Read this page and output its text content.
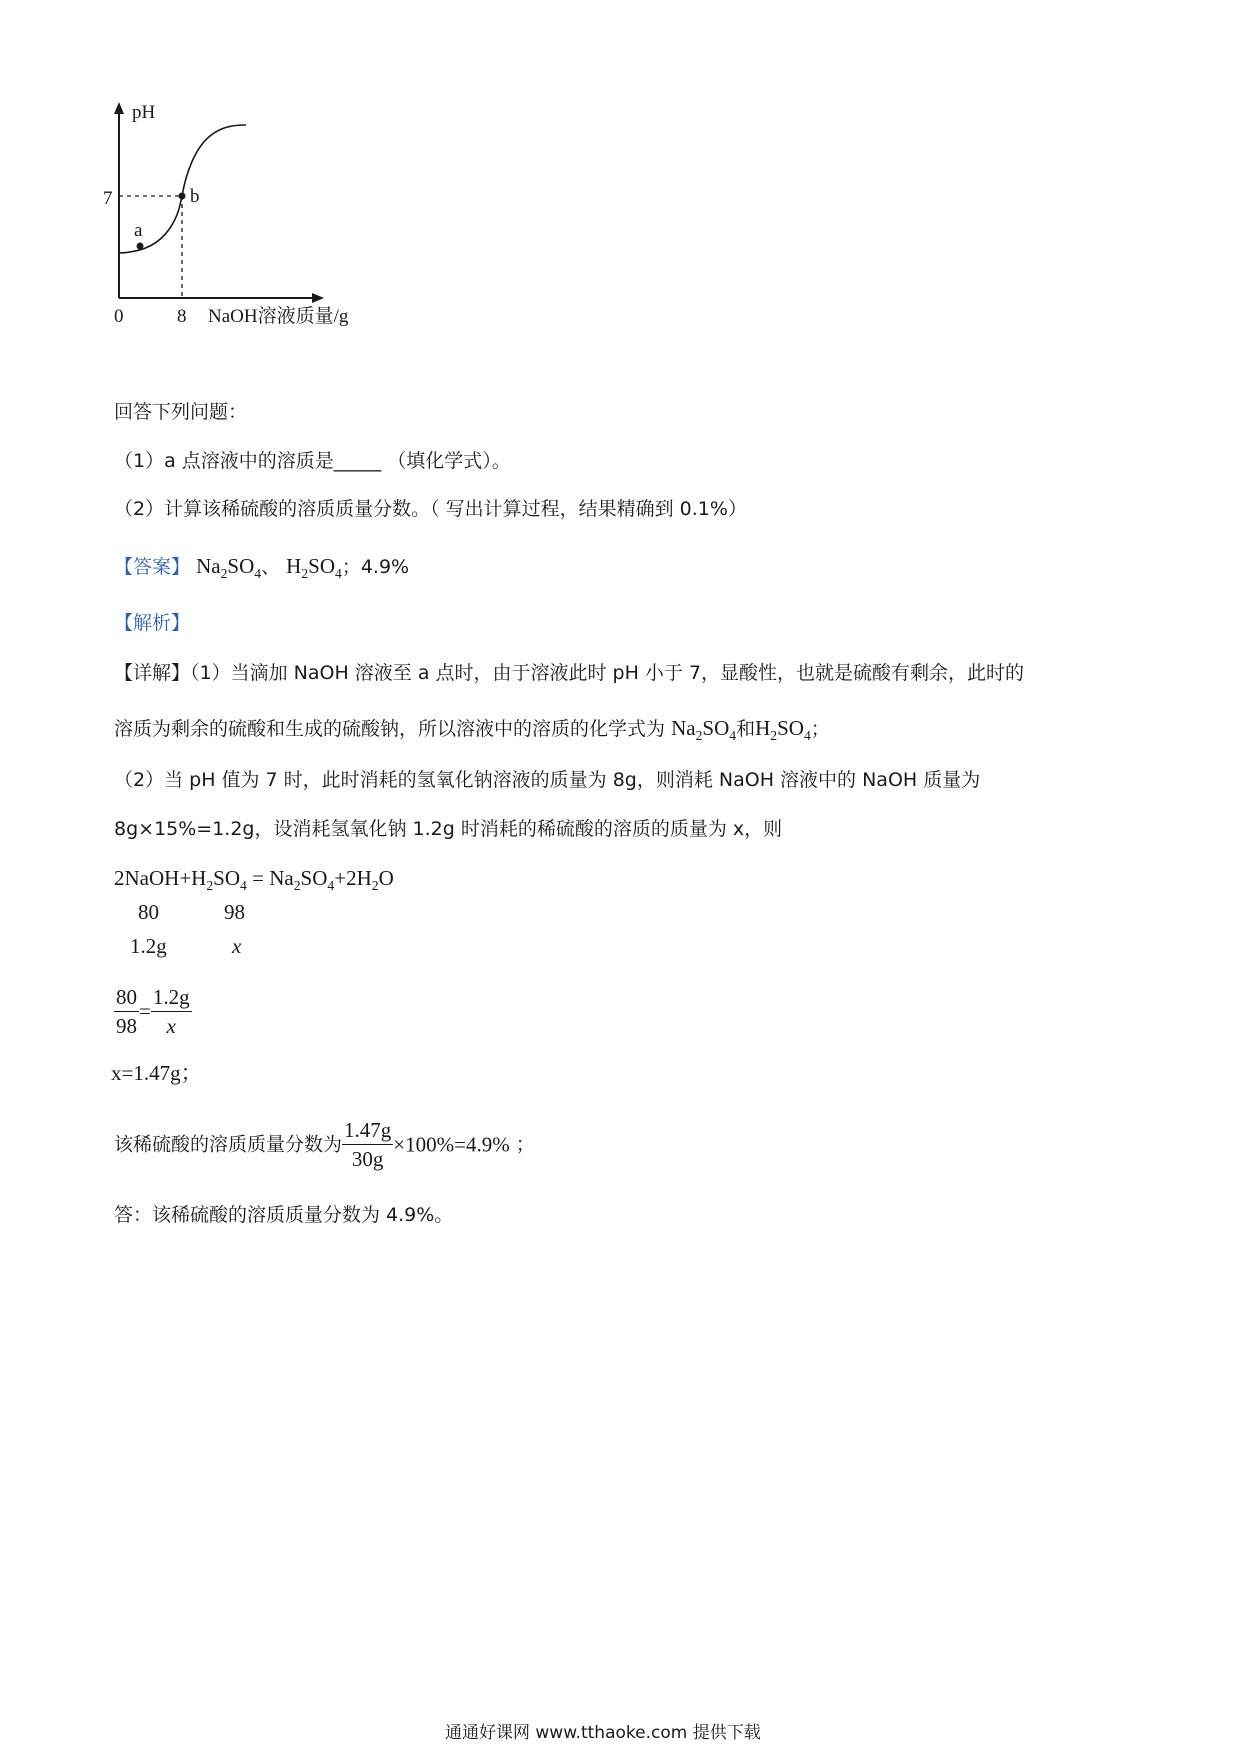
pH
7
0	8 NaOH溶液质量/g
a
b
回答下列问题：
（1）a 点溶液中的溶质是_____ （填化学式）。
（2）计算该稀硫酸的溶质质量分数。（ 写出计算过程，结果精确到 0.1%）
【答案】 $Na_2SO_4$、 $H_2SO_4$；4.9%
【解析】
【详解】（1）当滴加 NaOH 溶液至 a 点时，由于溶液此时 pH 小于 7，显酸性，也就是硫酸有剩余，此时的
溶质为剩余的硫酸和生成的硫酸钠，所以溶液中的溶质的化学式为 $Na_2SO_4$和$H_2SO_4$；
（2）当 pH 值为 7 时，此时消耗的氢氧化钠溶液的质量为 8g，则消耗 NaOH 溶液中的 NaOH 质量为
8g×15%=1.2g，设消耗氢氧化钠 1.2g 时消耗的稀硫酸的溶质的质量为 x，则
$2NaOH+H_2SO_4 = Na_2SO_4+2H_2O$
80	98
1.2g	x
$\frac{80}{98} = \frac{1.2g}{x}$
x=1.47g；
该稀硫酸的溶质质量分数为 $\frac{1.47g}{30g} \times 100\%=4.9\%$ ；
答：该稀硫酸的溶质质量分数为 4.9%。
通通好课网 www.tthaoke.com 提供下载
